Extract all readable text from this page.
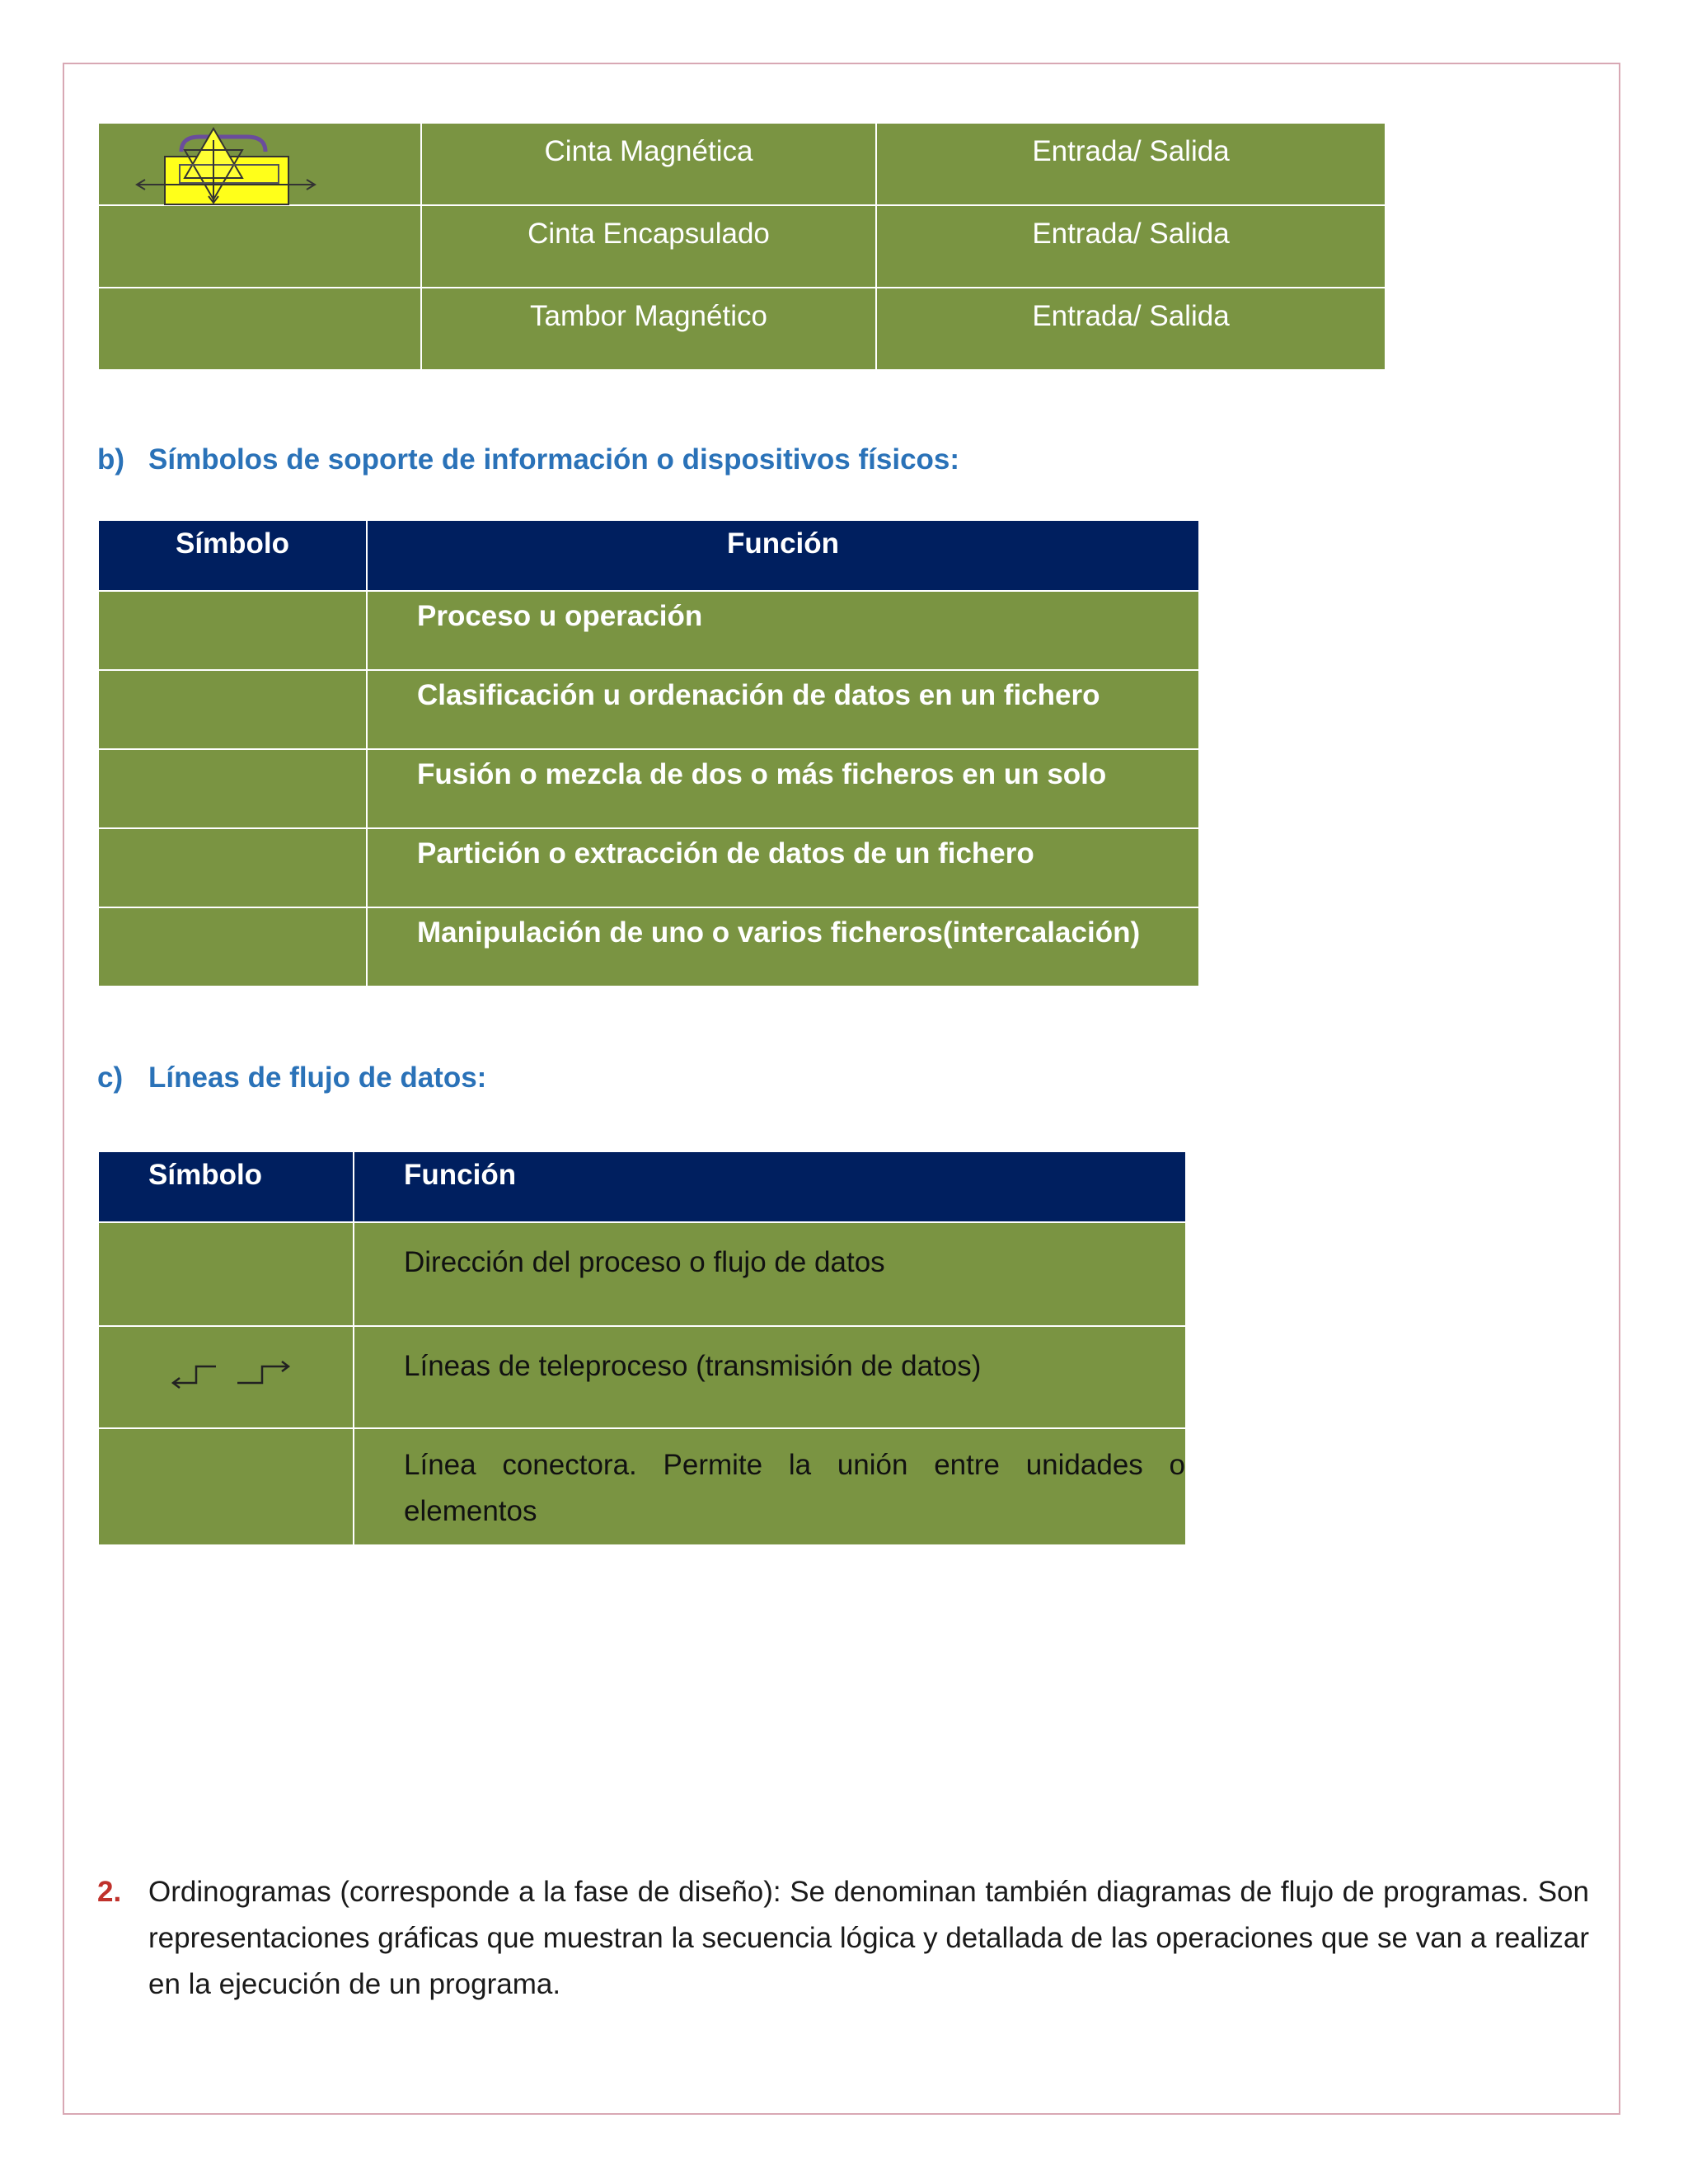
	Cinta Magnética	Entrada/ Salida
	Cinta Encapsulado	Entrada/ Salida
	Tambor Magnético	Entrada/ Salida
b) Símbolos de soporte de información o dispositivos físicos:
Símbolo	Función
	Proceso u operación
	Clasificación u ordenación de datos en un fichero
	Fusión o mezcla de dos o más ficheros en un solo
	Partición o extracción de datos de un fichero
	Manipulación de uno o varios ficheros(intercalación)
c) Líneas de flujo de datos:
Símbolo	Función
	Dirección del proceso o flujo de datos

	Líneas de teleproceso (transmisión de datos)
	Línea conectora. Permite la unión entre unidades o elementos
2. Ordinogramas (corresponde a la fase de diseño): Se denominan también diagramas de flujo de programas. Son representaciones gráficas que muestran la secuencia lógica y detallada de las operaciones que se van a realizar en la ejecución de un programa.
